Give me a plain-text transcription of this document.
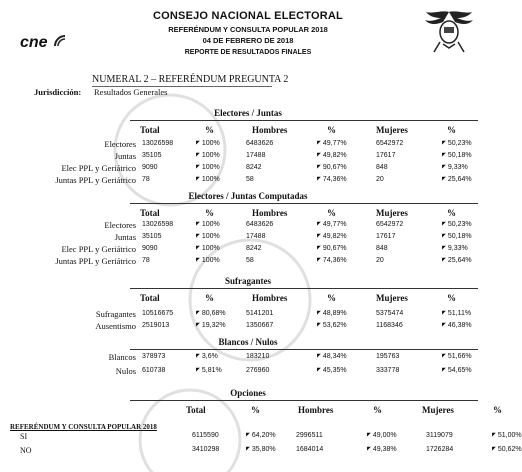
CONSEJO NACIONAL ELECTORAL
REFERÉNDUM Y CONSULTA POPULAR 2018
04 DE FEBRERO DE 2018
REPORTE DE RESULTADOS FINALES
cne
NUMERAL 2 – REFERÉNDUM PREGUNTA 2
Jurisdicción: Resultados Generales
Electores / Juntas
Total	%	Hombres	%	Mujeres	%
Electores 13026598	◤ 100%	6483626	◤ 49,77%	6542972	◤ 50,23%
Juntas 35105	◤ 100%	17488	◤ 49,82%	17617	◤ 50,18%
Elec PPL y Geriátrico 9090	◤ 100%	8242	◤ 90,67%	848	◤ 9,33%
Juntas PPL y Geriátrico 78	◤ 100%	58	◤ 74,36%	20	◤ 25,64%
Electores / Juntas Computadas
Total	%	Hombres	%	Mujeres	%
Electores 13026598	◤ 100%	6483626	◤ 49,77%	6542972	◤ 50,23%
Juntas 35105	◤ 100%	17488	◤ 49,82%	17617	◤ 50,18%
Elec PPL y Geriátrico 9090	◤ 100%	8242	◤ 90,67%	848	◤ 9,33%
Juntas PPL y Geriátrico 78	◤ 100%	58	◤ 74,36%	20	◤ 25,64%
Sufragantes
Total	%	Hombres	%	Mujeres	%
Sufragantes 10516675	◤ 80,68%	5141201	◤ 48,89%	5375474	◤ 51,11%
Ausentismo 2519013	◤ 19,32%	1350667	◤ 53,62%	1168346	◤ 46,38%
Blancos / Nulos
Blancos 378973	◤ 3,6%	183210	◤ 48,34%	195763	◤ 51,66%
Nulos 610738	◤ 5,81%	276960	◤ 45,35%	333778	◤ 54,65%
Opciones
Total	%	Hombres	%	Mujeres	%
REFERÉNDUM Y CONSULTA POPULAR 2018
SI	6115590	◤ 64,20%	2996511	◤ 49,00%	3119079	◤ 51,00%
NO	3410298	◤ 35,80%	1684014	◤ 49,38%	1726284	◤ 50,62%
